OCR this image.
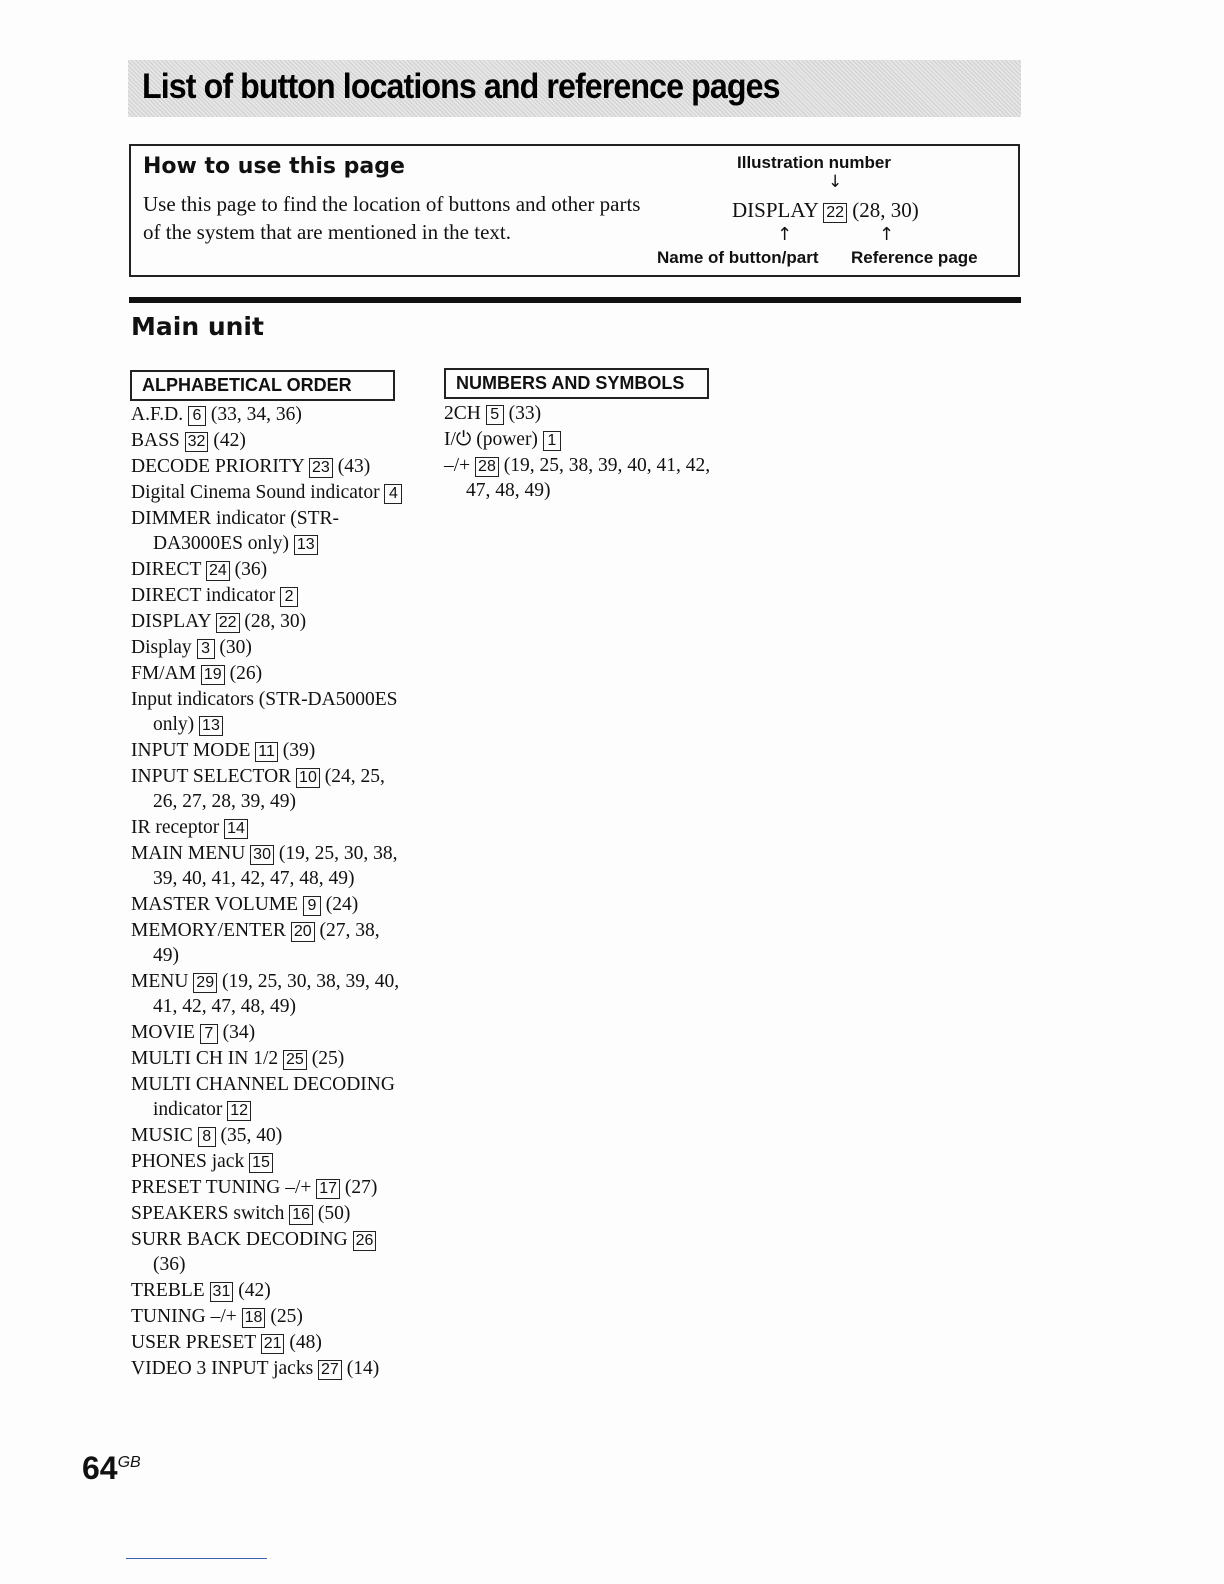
List of button locations and reference pages
How to use this page
Use this page to find the location of buttons and other parts of the system that are mentioned in the text.
Illustration number
↓
DISPLAY 22 (28, 30)
↑	↑
Name of button/part Reference page
Main unit
ALPHABETICAL ORDER	NUMBERS AND SYMBOLS
A.F.D. 6 (33, 34, 36)
BASS 32 (42)
DECODE PRIORITY 23 (43)
Digital Cinema Sound indicator 4
DIMMER indicator (STR-DA3000ES only) 13
DIRECT 24 (36)
DIRECT indicator 2
DISPLAY 22 (28, 30)
Display 3 (30)
FM/AM 19 (26)
Input indicators (STR-DA5000ES only) 13
INPUT MODE 11 (39)
INPUT SELECTOR 10 (24, 25, 26, 27, 28, 39, 49)
IR receptor 14
MAIN MENU 30 (19, 25, 30, 38, 39, 40, 41, 42, 47, 48, 49)
MASTER VOLUME 9 (24)
MEMORY/ENTER 20 (27, 38, 49)
MENU 29 (19, 25, 30, 38, 39, 40, 41, 42, 47, 48, 49)
MOVIE 7 (34)
MULTI CH IN 1/2 25 (25)
MULTI CHANNEL DECODING indicator 12
MUSIC 8 (35, 40)
PHONES jack 15
PRESET TUNING –/+ 17 (27)
SPEAKERS switch 16 (50)
SURR BACK DECODING 26 (36)
TREBLE 31 (42)
TUNING –/+ 18 (25)
USER PRESET 21 (48)
VIDEO 3 INPUT jacks 27 (14)
2CH 5 (33)
I/⏻ (power) 1
–/+ 28 (19, 25, 38, 39, 40, 41, 42, 47, 48, 49)
$64^{GB}$
